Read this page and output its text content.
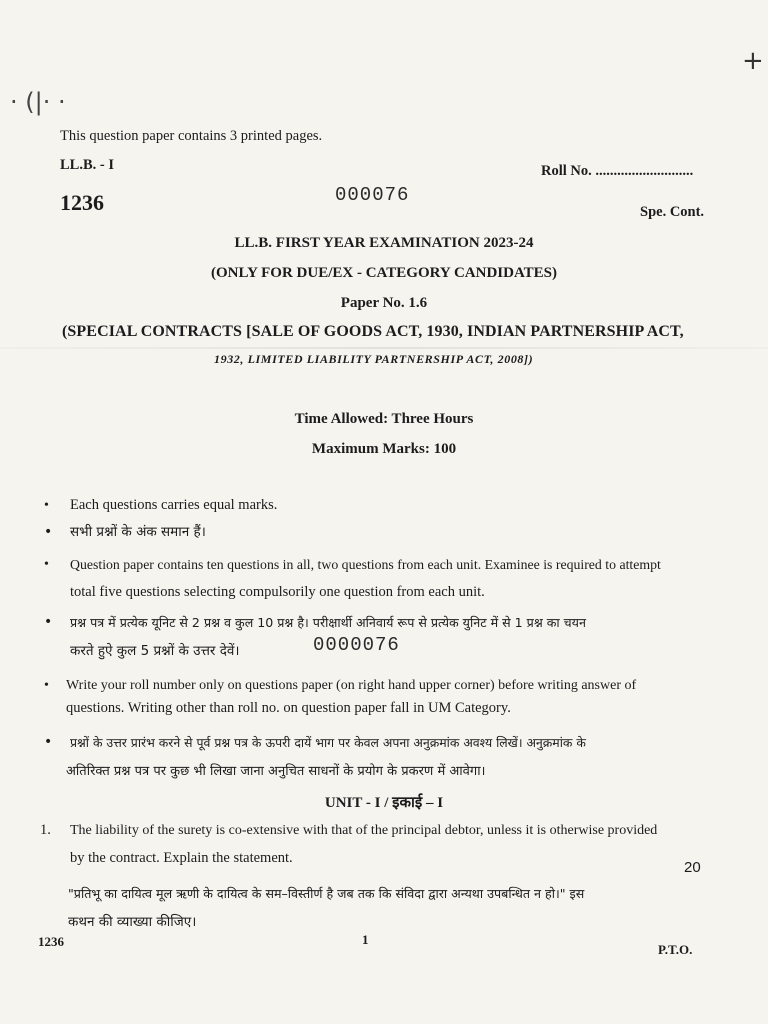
+
· (|· ·
This question paper contains 3 printed pages.
LL.B. - I	Roll No. ...........................
1236	000076
Spe. Cont.
LL.B. FIRST YEAR EXAMINATION 2023-24
(ONLY FOR DUE/EX - CATEGORY CANDIDATES)
Paper No. 1.6
(SPECIAL CONTRACTS [SALE OF GOODS ACT, 1930, INDIAN PARTNERSHIP ACT,
1932, LIMITED LIABILITY PARTNERSHIP ACT, 2008])
Time Allowed: Three Hours
Maximum Marks: 100
• Each questions carries equal marks.
• सभी प्रश्नों के अंक समान हैं।
• Question paper contains ten questions in all, two questions from each unit. Examinee is required to attempt
total five questions selecting compulsorily one question from each unit.
• प्रश्न पत्र में प्रत्येक यूनिट से 2 प्रश्न व कुल 10 प्रश्न है। परीक्षार्थी अनिवार्य रूप से प्रत्येक युनिट में से 1 प्रश्न का चयन
करते हुऐ कुल 5 प्रश्नों के उत्तर देवें।	0000076
• Write your roll number only on questions paper (on right hand upper corner) before writing answer of
questions. Writing other than roll no. on question paper fall in UM Category.
• प्रश्नों के उत्तर प्रारंभ करने से पूर्व प्रश्न पत्र के ऊपरी दायें भाग पर केवल अपना अनुक्रमांक अवश्य लिखें। अनुक्रमांक के
अतिरिक्त प्रश्न पत्र पर कुछ भी लिखा जाना अनुचित साधनों के प्रयोग के प्रकरण में आवेगा।
UNIT - I / इकाई – I
1. The liability of the surety is co-extensive with that of the principal debtor, unless it is otherwise provided
by the contract. Explain the statement.
20
"प्रतिभू का दायित्व मूल ऋणी के दायित्व के सम–विस्तीर्ण है जब तक कि संविदा द्वारा अन्यथा उपबन्धित न हो।" इस
कथन की व्याख्या कीजिए।
1236	1
P.T.O.
